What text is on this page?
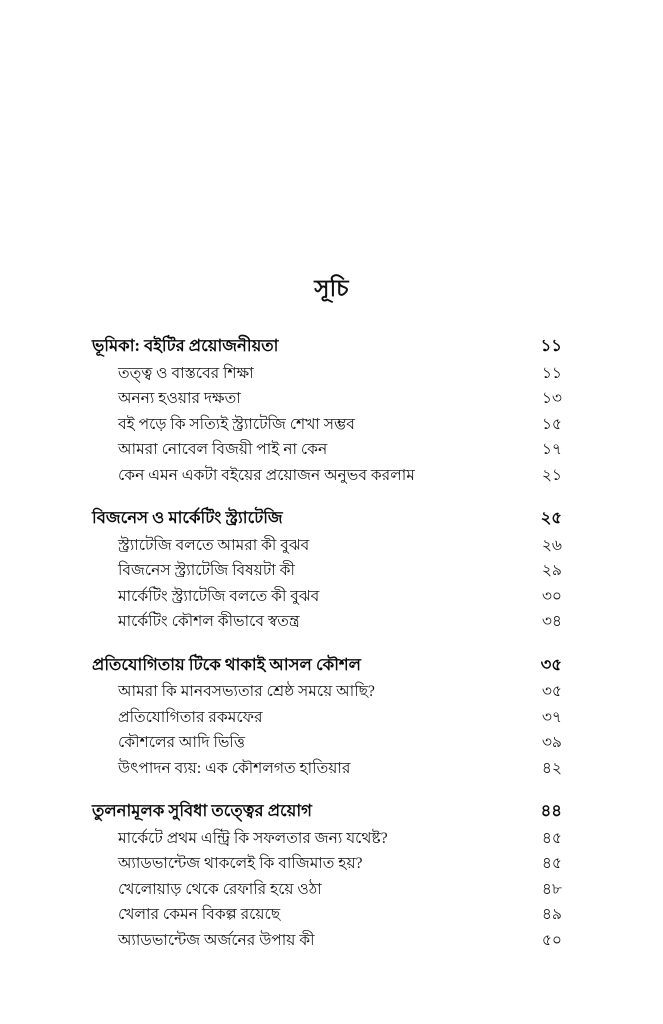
সূচি
ভূমিকা: বইটির প্রয়োজনীয়তা	১১
তত্ত্ব ও বাস্তবের শিক্ষা	১১
অনন্য হওয়ার দক্ষতা	১৩
বই পড়ে কি সত্যিই স্ট্র্যাটেজি শেখা সম্ভব	১৫
আমরা নোবেল বিজয়ী পাই না কেন	১৭
কেন এমন একটা বইয়ের প্রয়োজন অনুভব করলাম	২১
বিজনেস ও মার্কেটিং স্ট্র্যাটেজি	২৫
স্ট্র্যাটেজি বলতে আমরা কী বুঝব	২৬
বিজনেস স্ট্র্যাটেজি বিষয়টা কী	২৯
মার্কেটিং স্ট্র্যাটেজি বলতে কী বুঝব	৩০
মার্কেটিং কৌশল কীভাবে স্বতন্ত্র	৩৪
প্রতিযোগিতায় টিকে থাকাই আসল কৌশল	৩৫
আমরা কি মানবসভ্যতার শ্রেষ্ঠ সময়ে আছি?	৩৫
প্রতিযোগিতার রকমফের	৩৭
কৌশলের আদি ভিত্তি	৩৯
উৎপাদন ব্যয়: এক কৌশলগত হাতিয়ার	৪২
তুলনামূলক সুবিধা তত্ত্বের প্রয়োগ	৪৪
মার্কেটে প্রথম এন্ট্রি কি সফলতার জন্য যথেষ্ট?	৪৫
অ্যাডভান্টেজ থাকলেই কি বাজিমাত হয়?	৪৫
খেলোয়াড় থেকে রেফারি হয়ে ওঠা	৪৮
খেলার কেমন বিকল্প রয়েছে	৪৯
অ্যাডভান্টেজ অর্জনের উপায় কী	৫০
